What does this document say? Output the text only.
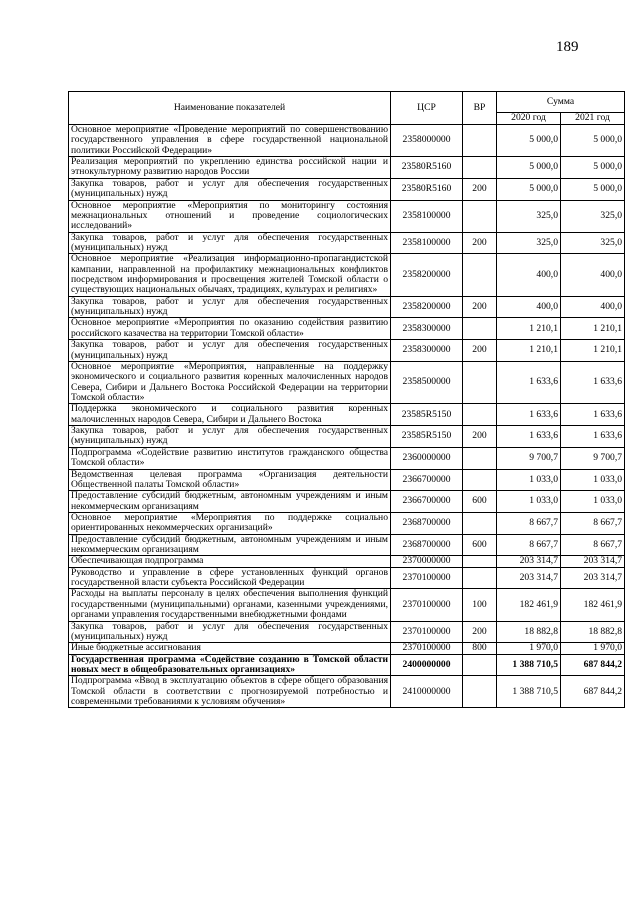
189
Наименование показателей	ЦСР	ВР	Сумма	
			2020 год	2021 год
Основное мероприятие «Проведение мероприятий по совершенствованию государственного управления в сфере государственной национальной политики Российской Федерации»	2358000000		5 000,0	5 000,0
Реализация мероприятий по укреплению единства российской нации и этнокультурному развитию народов России	23580R5160		5 000,0	5 000,0
Закупка товаров, работ и услуг для обеспечения государственных (муниципальных) нужд	23580R5160	200	5 000,0	5 000,0
Основное мероприятие «Мероприятия по мониторингу состояния межнациональных отношений и проведение социологических исследований»	2358100000		325,0	325,0
Закупка товаров, работ и услуг для обеспечения государственных (муниципальных) нужд	2358100000	200	325,0	325,0
Основное мероприятие «Реализация информационно-пропагандистской кампании, направленной на профилактику межнациональных конфликтов посредством информирования и просвещения жителей Томской области о существующих национальных обычаях, традициях, культурах и религиях»	2358200000		400,0	400,0
Закупка товаров, работ и услуг для обеспечения государственных (муниципальных) нужд	2358200000	200	400,0	400,0
Основное мероприятие «Мероприятия по оказанию содействия развитию российского казачества на территории Томской области»	2358300000		1 210,1	1 210,1
Закупка товаров, работ и услуг для обеспечения государственных (муниципальных) нужд	2358300000	200	1 210,1	1 210,1
Основное мероприятие «Мероприятия, направленные на поддержку экономического и социального развития коренных малочисленных народов Севера, Сибири и Дальнего Востока Российской Федерации на территории Томской области»	2358500000		1 633,6	1 633,6
Поддержка экономического и социального развития коренных малочисленных народов Севера, Сибири и Дальнего Востока	23585R5150		1 633,6	1 633,6
Закупка товаров, работ и услуг для обеспечения государственных (муниципальных) нужд	23585R5150	200	1 633,6	1 633,6
Подпрограмма «Содействие развитию институтов гражданского общества Томской области»	2360000000		9 700,7	9 700,7
Ведомственная целевая программа «Организация деятельности Общественной палаты Томской области»	2366700000		1 033,0	1 033,0
Предоставление субсидий бюджетным, автономным учреждениям и иным некоммерческим организациям	2366700000	600	1 033,0	1 033,0
Основное мероприятие «Мероприятия по поддержке социально ориентированных некоммерческих организаций»	2368700000		8 667,7	8 667,7
Предоставление субсидий бюджетным, автономным учреждениям и иным некоммерческим организациям	2368700000	600	8 667,7	8 667,7
Обеспечивающая подпрограмма	2370000000		203 314,7	203 314,7
Руководство и управление в сфере установленных функций органов государственной власти субъекта Российской Федерации	2370100000		203 314,7	203 314,7
Расходы на выплаты персоналу в целях обеспечения выполнения функций государственными (муниципальными) органами, казенными учреждениями, органами управления государственными внебюджетными фондами	2370100000	100	182 461,9	182 461,9
Закупка товаров, работ и услуг для обеспечения государственных (муниципальных) нужд	2370100000	200	18 882,8	18 882,8
Иные бюджетные ассигнования	2370100000	800	1 970,0	1 970,0
Государственная программа «Содействие созданию в Томской области новых мест в общеобразовательных организациях»	2400000000		1 388 710,5	687 844,2
Подпрограмма «Ввод в эксплуатацию объектов в сфере общего образования Томской области в соответствии с прогнозируемой потребностью и современными требованиями к условиям обучения»	2410000000		1 388 710,5	687 844,2
